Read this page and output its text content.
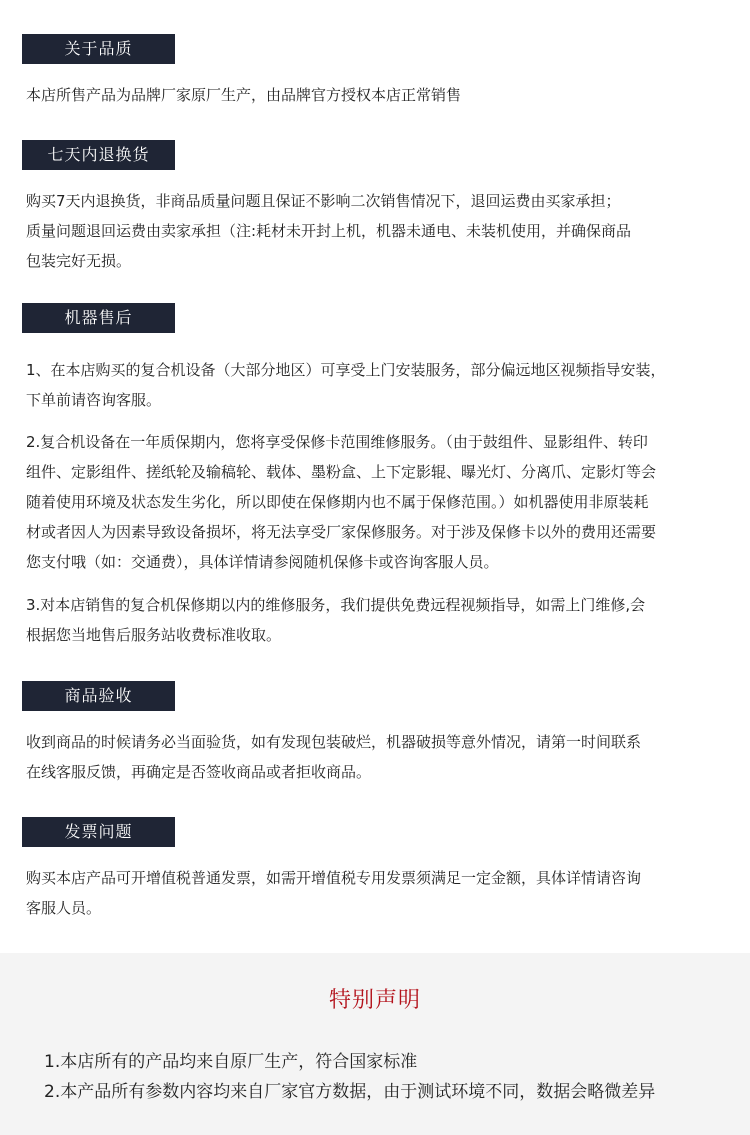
关于品质
本店所售产品为品牌厂家原厂生产，由品牌官方授权本店正常销售
七天内退换货
购买7天内退换货，非商品质量问题且保证不影响二次销售情况下，退回运费由买家承担；
质量问题退回运费由卖家承担（注:耗材未开封上机，机器未通电、未装机使用，并确保商品
包装完好无损。
机器售后
1、在本店购买的复合机设备（大部分地区）可享受上门安装服务，部分偏远地区视频指导安装，
下单前请咨询客服。
2.复合机设备在一年质保期内，您将享受保修卡范围维修服务。（由于鼓组件、显影组件、转印
组件、定影组件、搓纸轮及输稿轮、载体、墨粉盒、上下定影辊、曝光灯、分离爪、定影灯等会
随着使用环境及状态发生劣化，所以即使在保修期内也不属于保修范围。）如机器使用非原装耗
材或者因人为因素导致设备损坏，将无法享受厂家保修服务。对于涉及保修卡以外的费用还需要
您支付哦（如：交通费），具体详情请参阅随机保修卡或咨询客服人员。
3.对本店销售的复合机保修期以内的维修服务，我们提供免费远程视频指导，如需上门维修,会
根据您当地售后服务站收费标准收取。
商品验收
收到商品的时候请务必当面验货，如有发现包装破烂，机器破损等意外情况，请第一时间联系
在线客服反馈，再确定是否签收商品或者拒收商品。
发票问题
购买本店产品可开增值税普通发票，如需开增值税专用发票须满足一定金额，具体详情请咨询
客服人员。
特别声明
1.本店所有的产品均来自原厂生产，符合国家标准
2.本产品所有参数内容均来自厂家官方数据，由于测试环境不同，数据会略微差异
